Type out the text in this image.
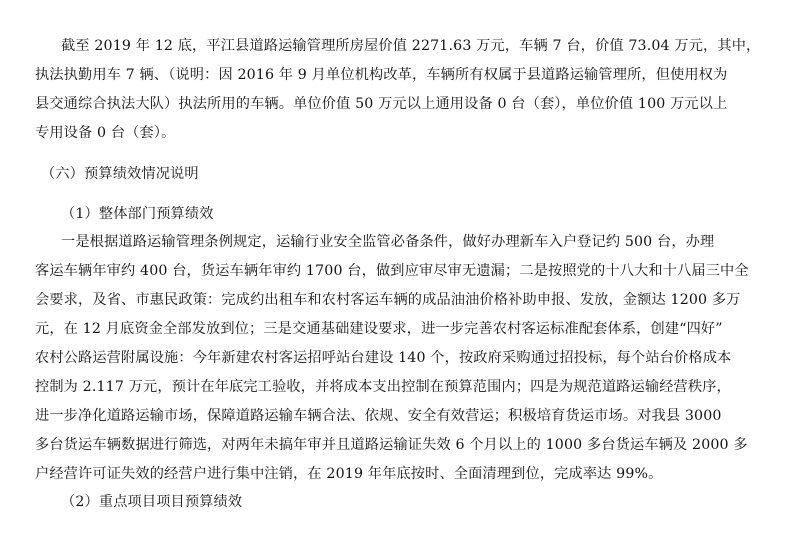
截至 2019 年 12 底，平江县道路运输管理所房屋价值 2271.63 万元，车辆 7 台，价值 73.04 万元，其中，
执法执勤用车 7 辆、（说明：因 2016 年 9 月单位机构改革，车辆所有权属于县道路运输管理所，但使用权为
县交通综合执法大队）执法所用的车辆。单位价值 50 万元以上通用设备 0 台（套），单位价值 100 万元以上
专用设备 0 台（套）。
（六）预算绩效情况说明
（1）整体部门预算绩效
一是根据道路运输管理条例规定，运输行业安全监管必备条件，做好办理新车入户登记约 500 台，办理
客运车辆年审约 400 台，货运车辆年审约 1700 台，做到应审尽审无遗漏；二是按照党的十八大和十八届三中全
会要求，及省、市惠民政策：完成约出租车和农村客运车辆的成品油油价格补助申报、发放，金额达 1200 多万
元，在 12 月底资金全部发放到位；三是交通基础建设要求，进一步完善农村客运标准配套体系，创建“四好”
农村公路运营附属设施：今年新建农村客运招呼站台建设 140 个，按政府采购通过招投标，每个站台价格成本
控制为 2.117 万元，预计在年底完工验收，并将成本支出控制在预算范围内；四是为规范道路运输经营秩序，
进一步净化道路运输市场，保障道路运输车辆合法、依规、安全有效营运；积极培育货运市场。对我县 3000
多台货运车辆数据进行筛选，对两年未搞年审并且道路运输证失效 6 个月以上的 1000 多台货运车辆及 2000 多
户经营许可证失效的经营户进行集中注销，在 2019 年年底按时、全面清理到位，完成率达 99%。
（2）重点项目项目预算绩效
